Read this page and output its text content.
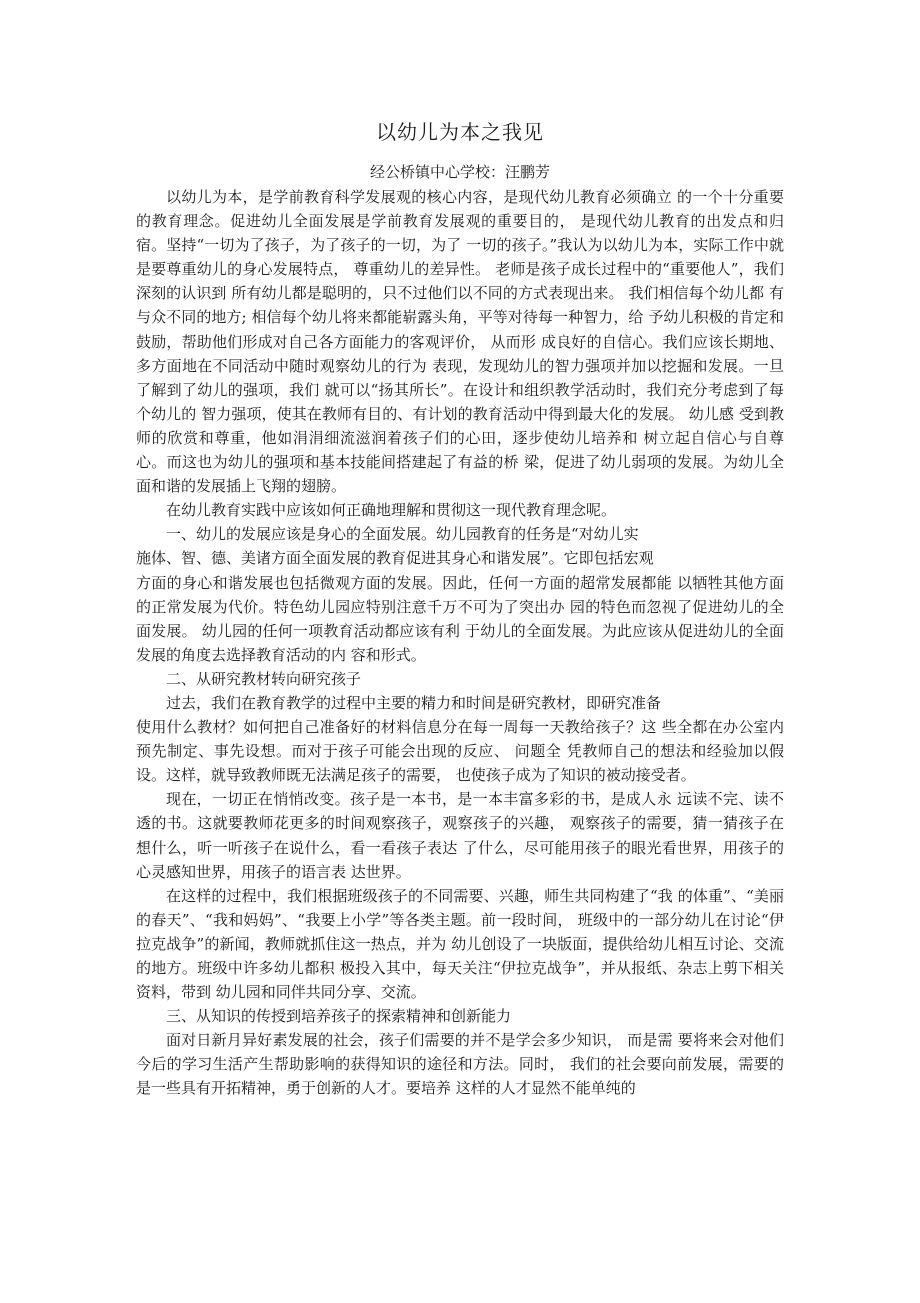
以幼儿为本之我见
经公桥镇中心学校：汪鹏芳

以幼儿为本，是学前教育科学发展观的核心内容，是现代幼儿教育必须确立 的一个十分重要的教育理念。促进幼儿全面发展是学前教育发展观的重要目的， 是现代幼儿教育的出发点和归宿。坚持“一切为了孩子，为了孩子的一切，为了 一切的孩子。”我认为以幼儿为本，实际工作中就是要尊重幼儿的身心发展特点， 尊重幼儿的差异性。 老师是孩子成长过程中的“重要他人”，我们深刻的认识到 所有幼儿都是聪明的，只不过他们以不同的方式表现出来。 我们相信每个幼儿都 有与众不同的地方; 相信每个幼儿将来都能崭露头角，平等对待每一种智力，给 予幼儿积极的肯定和鼓励，帮助他们形成对自己各方面能力的客观评价， 从而形 成良好的自信心。我们应该长期地、多方面地在不同活动中随时观察幼儿的行为 表现，发现幼儿的智力强项并加以挖掘和发展。一旦了解到了幼儿的强项，我们 就可以“扬其所长”。在设计和组织教学活动时，我们充分考虑到了每个幼儿的 智力强项，使其在教师有目的、有计划的教育活动中得到最大化的发展。 幼儿感 受到教师的欣赏和尊重，他如涓涓细流滋润着孩子们的心田，逐步使幼儿培养和 树立起自信心与自尊心。而这也为幼儿的强项和基本技能间搭建起了有益的桥 梁，促进了幼儿弱项的发展。为幼儿全面和谐的发展插上飞翔的翅膀。

在幼儿教育实践中应该如何正确地理解和贯彻这一现代教育理念呢。

一、幼儿的发展应该是身心的全面发展。幼儿园教育的任务是“对幼儿实

施体、智、德、美诸方面全面发展的教育促进其身心和谐发展”。它即包括宏观

方面的身心和谐发展也包括微观方面的发展。因此，任何一方面的超常发展都能 以牺牲其他方面的正常发展为代价。特色幼儿园应特别注意千万不可为了突出办 园的特色而忽视了促进幼儿的全面发展。 幼儿园的任何一项教育活动都应该有利 于幼儿的全面发展。为此应该从促进幼儿的全面发展的角度去选择教育活动的内 容和形式。

二、从研究教材转向研究孩子

过去，我们在教育教学的过程中主要的精力和时间是研究教材，即研究准备

使用什么教材？如何把自己准备好的材料信息分在每一周每一天教给孩子？这 些全都在办公室内预先制定、事先设想。而对于孩子可能会出现的反应、 问题全 凭教师自己的想法和经验加以假设。这样，就导致教师既无法满足孩子的需要， 也使孩子成为了知识的被动接受者。

现在，一切正在悄悄改变。孩子是一本书，是一本丰富多彩的书，是成人永 远读不完、读不透的书。这就要教师花更多的时间观察孩子，观察孩子的兴趣， 观察孩子的需要，猜一猜孩子在想什么，听一听孩子在说什么，看一看孩子表达 了什么，尽可能用孩子的眼光看世界，用孩子的心灵感知世界，用孩子的语言表 达世界。

在这样的过程中，我们根据班级孩子的不同需要、兴趣，师生共同构建了“我 的体重”、“美丽的春天”、“我和妈妈”、“我要上小学”等各类主题。前一段时间， 班级中的一部分幼儿在讨论“伊拉克战争”的新闻，教师就抓住这一热点，并为 幼儿创设了一块版面，提供给幼儿相互讨论、交流的地方。班级中许多幼儿都积 极投入其中，每天关注“伊拉克战争”，并从报纸、杂志上剪下相关资料，带到 幼儿园和同伴共同分享、交流。

三、从知识的传授到培养孩子的探索精神和创新能力

面对日新月异好素发展的社会，孩子们需要的并不是学会多少知识， 而是需 要将来会对他们今后的学习生活产生帮助影响的获得知识的途径和方法。同时， 我们的社会要向前发展，需要的是一些具有开拓精神，勇于创新的人才。要培养 这样的人才显然不能单纯的
